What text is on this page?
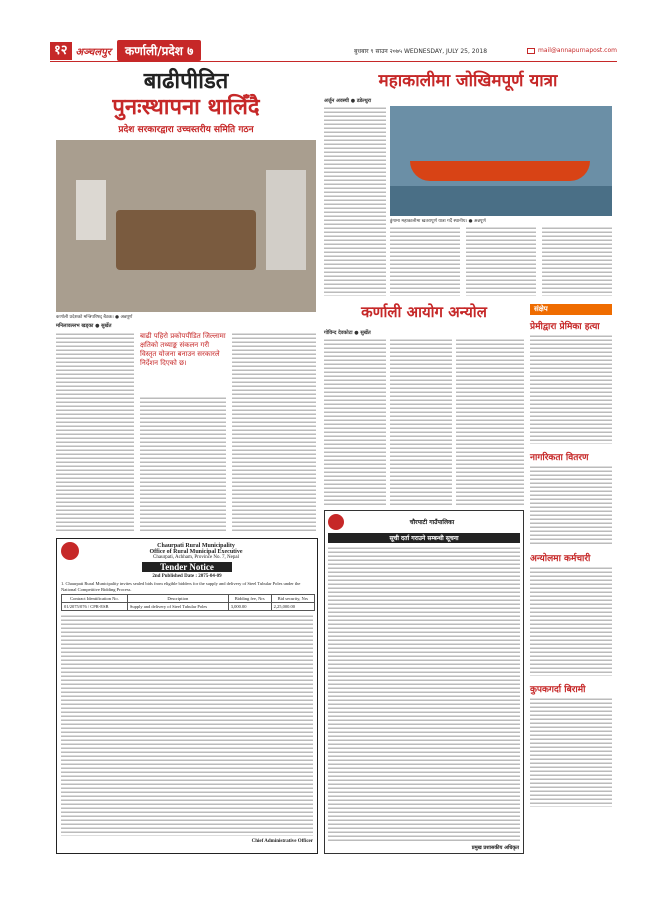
१२ अञ्चलपुर	कर्णाली/प्रदेश ७	बुधबार ९ साउन २०७५ WEDNESDAY, JULY 25, 2018	mail@annapurnapost.com
बाढीपीडित
पुनःस्थापना थालिँदै
प्रदेश सरकारद्वारा उच्चस्तरीय समिति गठन
कर्णाली प्रदेशको मन्त्रिपरिषद् बैठक। ● अन्नपूर्ण
मनिलावल्लभ खड्का ● सुर्खेत
बाढी पहिरो प्रकोपपीडित जिल्लामा क्षतिको तथ्याङ्क संकलन गरी विस्तृत योजना बनाउन सरकारले निर्देशन दिएको छ।
महाकालीमा जोखिमपूर्ण यात्रा
अर्जुन अवस्थी ● डडेल्धुरा
डुंगामा महाकालीमा खतरापूर्ण यात्रा गर्दै स्थानीय। ● अन्नपूर्ण
कर्णाली आयोग अन्योल
गोविन्द देवकोटा ● सुर्खेत
संक्षेप
प्रेमीद्वारा प्रेमिका हत्या
नागरिकता वितरण
अन्योलमा कर्मचारी
कुपकगर्दा बिरामी
Chaurpati Rural Municipality
Office of Rural Municipal Executive
Chaurpati, Achham, Province No. 7, Nepal
Tender Notice
2nd Published Date : 2075-04-09
1. Chaurpati Rural Municipality invites sealed bids from eligible bidders for the supply and delivery of Steel Tubular Poles under the National Competitive Bidding Process.
Contract Identification No.	Description	Bidding fee, Nrs	Bid security, Nrs
01/2075/076 / CPR-ESB	Supply and delivery of Steel Tubular Poles	3,000.00	2,25,000.00
Chief Administrative Officer
चौरपाटी गाउँपालिका
सूची दर्ता गराउने सम्बन्धी सूचना
प्रमुख प्रशासकीय अधिकृत
